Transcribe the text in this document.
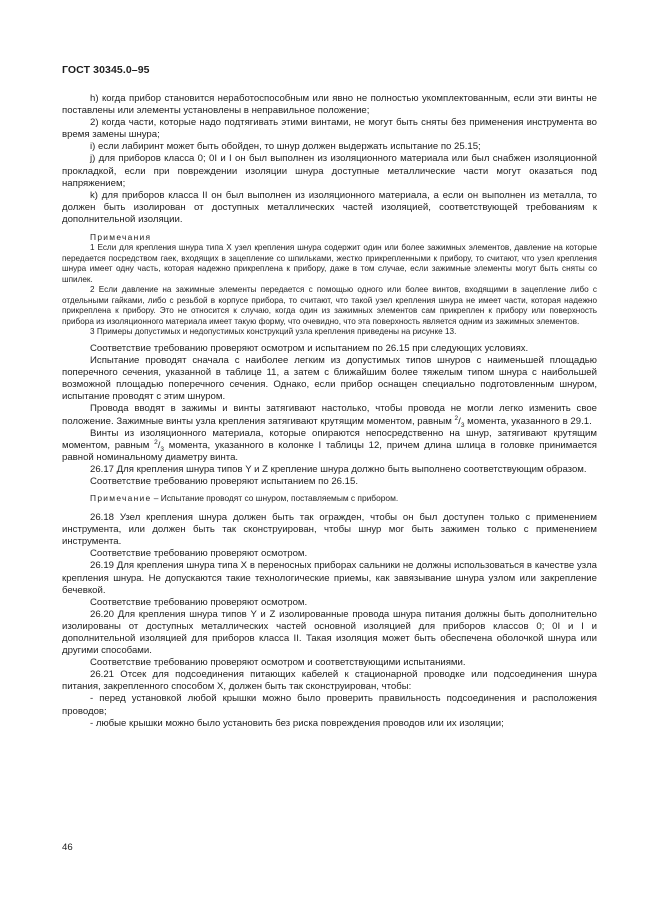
ГОСТ 30345.0–95

h) когда прибор становится неработоспособным или явно не полностью укомплектованным, если эти винты не поставлены или элементы установлены в неправильное положение;

2) когда части, которые надо подтягивать этими винтами, не могут быть сняты без применения инструмента во время замены шнура;

i) если лабиринт может быть обойден, то шнур должен выдержать испытание по 25.15;

j) для приборов класса 0; 0I и I он был выполнен из изоляционного материала или был снабжен изоляционной прокладкой, если при повреждении изоляции шнура доступные металлические части могут оказаться под напряжением;

k) для приборов класса II он был выполнен из изоляционного материала, а если он выполнен из металла, то должен быть изолирован от доступных металлических частей изоляцией, соответствующей требованиям к дополнительной изоляции.

Примечания

1 Если для крепления шнура типа X узел крепления шнура содержит один или более зажимных элементов, давление на которые передается посредством гаек, входящих в зацепление со шпильками, жестко прикрепленными к прибору, то считают, что узел крепления шнура имеет одну часть, которая надежно прикреплена к прибору, даже в том случае, если зажимные элементы могут быть сняты со шпилек.

2 Если давление на зажимные элементы передается с помощью одного или более винтов, входящими в зацепление либо с отдельными гайками, либо с резьбой в корпусе прибора, то считают, что такой узел крепления шнура не имеет части, которая надежно прикреплена к прибору. Это не относится к случаю, когда один из зажимных элементов сам прикреплен к прибору или поверхность прибора из изоляционного материала имеет такую форму, что очевидно, что эта поверхность является одним из зажимных элементов.

3 Примеры допустимых и недопустимых конструкций узла крепления приведены на рисунке 13.

Соответствие требованию проверяют осмотром и испытанием по 26.15 при следующих условиях.

Испытание проводят сначала с наиболее легким из допустимых типов шнуров с наименьшей площадью поперечного сечения, указанной в таблице 11, а затем с ближайшим более тяжелым типом шнура с наибольшей возможной площадью поперечного сечения. Однако, если прибор оснащен специально подготовленным шнуром, испытание проводят с этим шнуром.

Провода вводят в зажимы и винты затягивают настолько, чтобы провода не могли легко изменить свое положение. Зажимные винты узла крепления затягивают крутящим моментом, равным $^2/_3$ момента, указанного в 29.1.

Винты из изоляционного материала, которые опираются непосредственно на шнур, затягивают крутящим моментом, равным $^2/_3$ момента, указанного в колонке I таблицы 12, причем длина шлица в головке принимается равной номинальному диаметру винта.

26.17 Для крепления шнура типов Y и Z крепление шнура должно быть выполнено соответствующим образом.

Соответствие требованию проверяют испытанием по 26.15.

Примечание – Испытание проводят со шнуром, поставляемым с прибором.

26.18 Узел крепления шнура должен быть так огражден, чтобы он был доступен только с применением инструмента, или должен быть так сконструирован, чтобы шнур мог быть зажимен только с применением инструмента.

Соответствие требованию проверяют осмотром.

26.19 Для крепления шнура типа X в переносных приборах сальники не должны использоваться в качестве узла крепления шнура. Не допускаются такие технологические приемы, как завязывание шнура узлом или закрепление бечевкой.

Соответствие требованию проверяют осмотром.

26.20 Для крепления шнура типов Y и Z изолированные провода шнура питания должны быть дополнительно изолированы от доступных металлических частей основной изоляцией для приборов классов 0; 0I и I и дополнительной изоляцией для приборов класса II. Такая изоляция может быть обеспечена оболочкой шнура или другими способами.

Соответствие требованию проверяют осмотром и соответствующими испытаниями.

26.21 Отсек для подсоединения питающих кабелей к стационарной проводке или подсоединения шнура питания, закрепленного способом X, должен быть так сконструирован, чтобы:

- перед установкой любой крышки можно было проверить правильность подсоединения и расположения проводов;

- любые крышки можно было установить без риска повреждения проводов или их изоляции;

46
